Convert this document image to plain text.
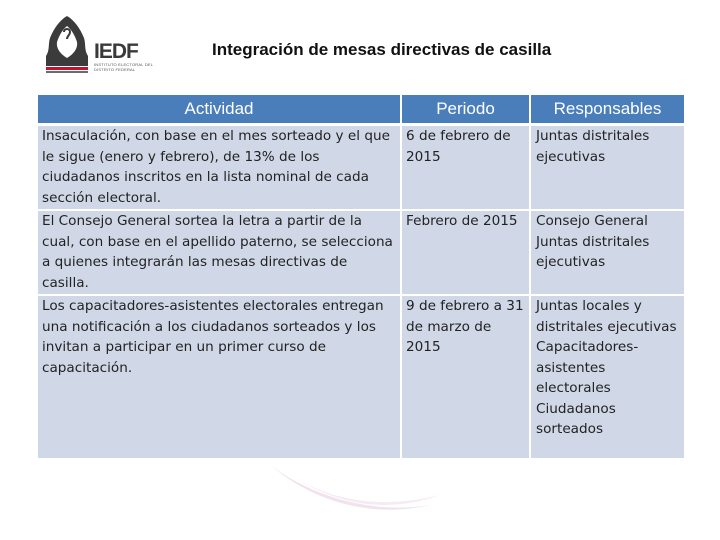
IEDF
INSTITUTO ELECTORAL DEL DISTRITO FEDERAL
Integración de mesas directivas de casilla
Actividad	Periodo	Responsables
Insaculación, con base en el mes sorteado y el que le sigue (enero y febrero), de 13% de los ciudadanos inscritos en la lista nominal de cada sección electoral.	6 de febrero de 2015	Juntas distritales ejecutivas
El Consejo General sortea la letra a partir de la cual, con base en el apellido paterno, se selecciona a quienes integrarán las mesas directivas de casilla.	Febrero de 2015	Consejo General Juntas distritales ejecutivas
Los capacitadores-asistentes electorales entregan una notificación a los ciudadanos sorteados y los invitan a participar en un primer curso de capacitación.	9 de febrero a 31 de marzo de 2015	Juntas locales y distritales ejecutivas Capacitadores-asistentes electorales Ciudadanos sorteados
